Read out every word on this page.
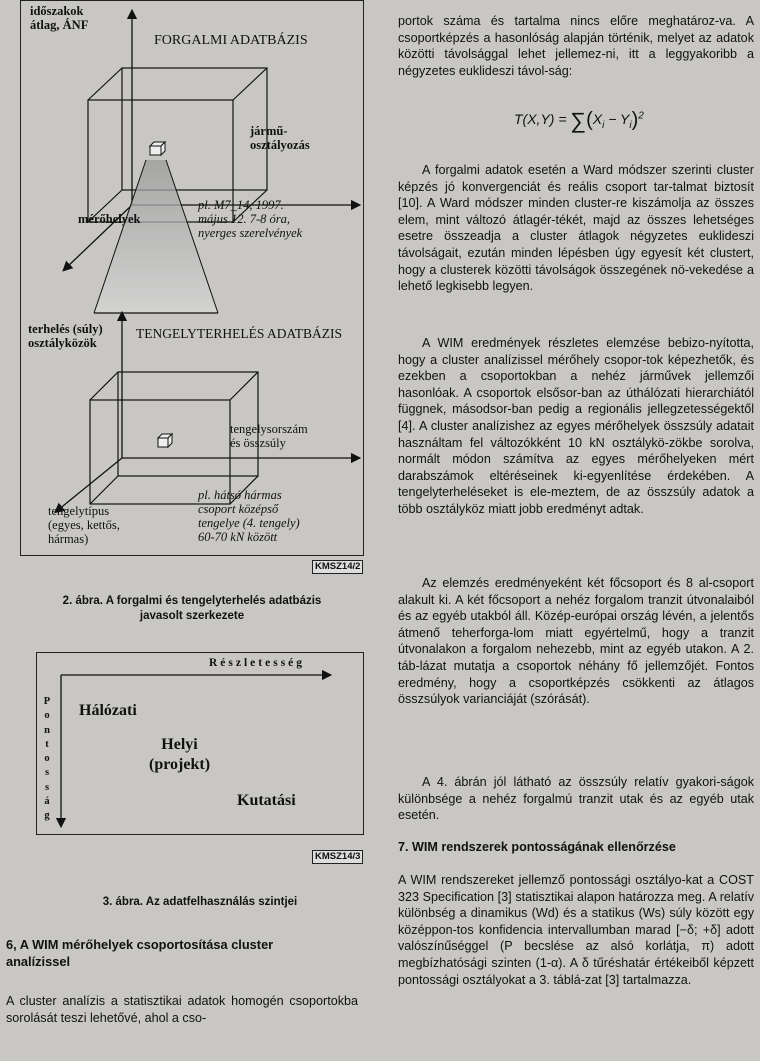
időszakok
átlag, ÁNF
FORGALMI ADATBÁZIS
jármű-
osztályozás
mérőhelyek
pl. M7_14, 1997.
május 12. 7-8 óra,
nyerges szerelvények
terhelés (súly)
osztályközök
TENGELYTERHELÉS ADATBÁZIS
tengelysorszám
és összsúly
tengelytípus
(egyes, kettős,
hármas)
pl. hátsó hármas
csoport középső
tengelye (4. tengely)
60-70 kN között
KMSZ14/2
2. ábra. A forgalmi és tengelyterhelés adatbázis
javasolt szerkezete
Részletesség
P
o
n
t
o
s
s
á
g
Hálózati
Helyi
(projekt)
Kutatási
KMSZ14/3
3. ábra. Az adatfelhasználás szintjei
6, A WIM mérőhelyek csoportosítása cluster
analízissel

A cluster analízis a statisztikai adatok homogén csoportokba sorolását teszi lehetővé, ahol a cso-

portok száma és tartalma nincs előre meghatároz-va. A csoportképzés a hasonlóság alapján történik, melyet az adatok közötti távolsággal lehet jellemez-ni, itt a leggyakoribb a négyzetes euklideszi távol-ság:

$T(X,Y) = \sum(X_i - Y_i)^2$

A forgalmi adatok esetén a Ward módszer szerinti cluster képzés jó konvergenciát és reális csoport tar-talmat biztosít [10]. A Ward módszer minden cluster-re kiszámolja az összes elem, mint változó átlagér-tékét, majd az összes lehetséges esetre összeadja a cluster átlagok négyzetes euklideszi távolságait, ezután minden lépésben úgy egyesít két clustert, hogy a clusterek közötti távolságok összegének nö-vekedése a lehető legkisebb legyen.

A WIM eredmények részletes elemzése bebizo-nyította, hogy a cluster analízissel mérőhely csopor-tok képezhetők, és ezekben a csoportokban a nehéz járművek jellemzői hasonlóak. A csoportok elsősor-ban az úthálózati hierarchiától függnek, másodsor-ban pedig a regionális jellegzetességektől [4]. A cluster analízishez az egyes mérőhelyek összsúly adatait használtam fel változókként 10 kN osztálykö-zökbe sorolva, normált módon számítva az egyes mérőhelyeken mért darabszámok eltéréseinek ki-egyenlítése érdekében. A tengelyterheléseket is ele-meztem, de az összsúly adatok a több osztályköz miatt jobb eredményt adtak.

Az elemzés eredményeként két főcsoport és 8 al-csoport alakult ki. A két főcsoport a nehéz forgalom tranzit útvonalaiból és az egyéb utakból áll. Közép-európai ország lévén, a jelentős átmenő teherforga-lom miatt egyértelmű, hogy a tranzit útvonalakon a forgalom nehezebb, mint az egyéb utakon. A 2. táb-lázat mutatja a csoportok néhány fő jellemzőjét. Fontos eredmény, hogy a csoportképzés csökkenti az átlagos összsúlyok varianciáját (szórását).

A 4. ábrán jól látható az összsúly relatív gyakori-ságok különbsége a nehéz forgalmú tranzit utak és az egyéb utak esetén.

7. WIM rendszerek pontosságának ellenőrzése

A WIM rendszereket jellemző pontossági osztályo-kat a COST 323 Specification [3] statisztikai alapon határozza meg. A relatív különbség a dinamikus (Wd) és a statikus (Ws) súly között egy középpon-tos konfidencia intervallumban marad [−δ; +δ] adott valószínűséggel (P becslése az alsó korlátja, π) adott megbízhatósági szinten (1-α). A δ tűréshatár értékeiből képzett pontossági osztályokat a 3. táblá-zat [3] tartalmazza.
